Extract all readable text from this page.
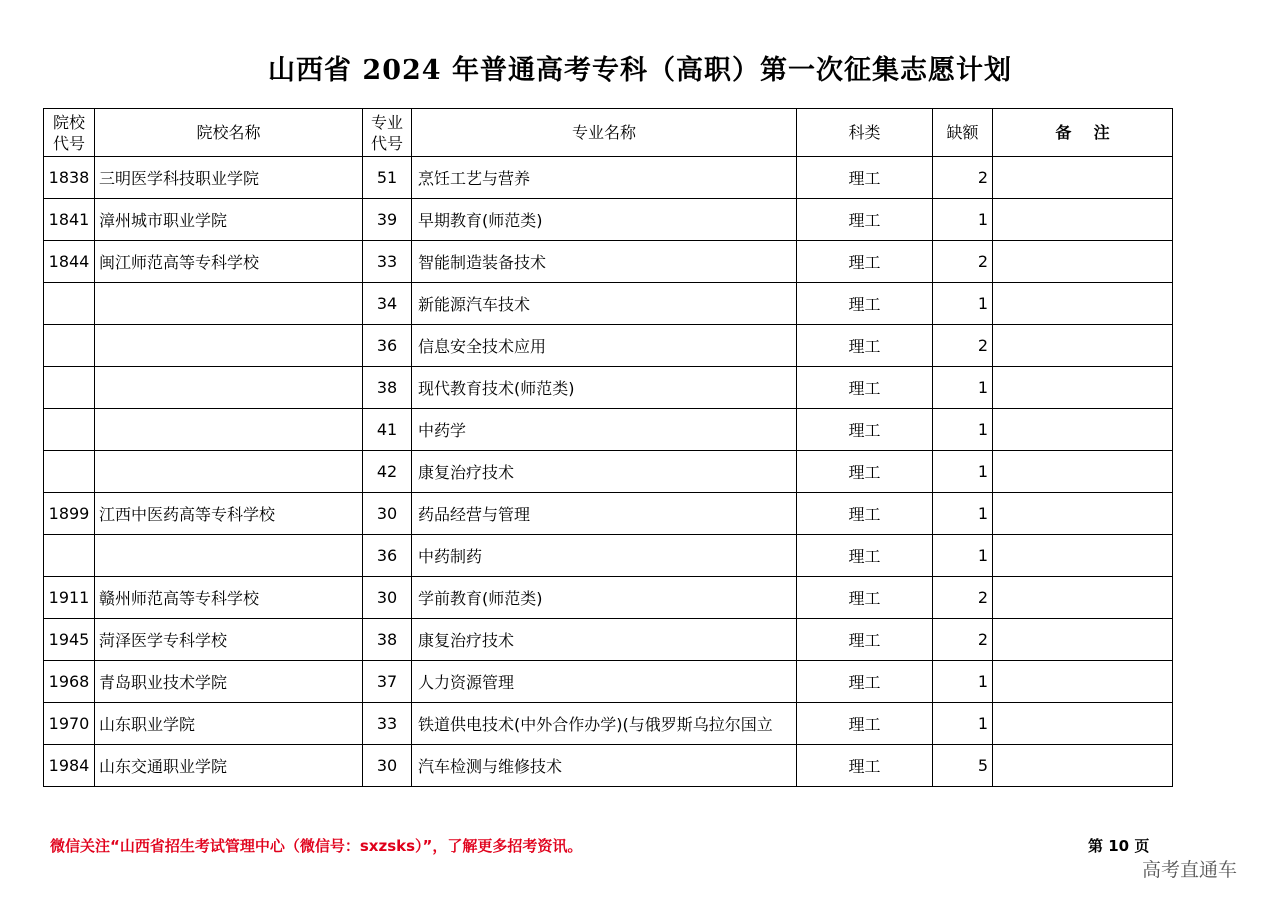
山西省 2024 年普通高考专科（高职）第一次征集志愿计划
院校代号	院校名称	专业代号	专业名称	科类	缺额	备    注
1838	三明医学科技职业学院	51	烹饪工艺与营养	理工	2	
1841	漳州城市职业学院	39	早期教育(师范类)	理工	1	
1844	闽江师范高等专科学校	33	智能制造装备技术	理工	2	
		34	新能源汽车技术	理工	1	
		36	信息安全技术应用	理工	2	
		38	现代教育技术(师范类)	理工	1	
		41	中药学	理工	1	
		42	康复治疗技术	理工	1	
1899	江西中医药高等专科学校	30	药品经营与管理	理工	1	
		36	中药制药	理工	1	
1911	赣州师范高等专科学校	30	学前教育(师范类)	理工	2	
1945	菏泽医学专科学校	38	康复治疗技术	理工	2	
1968	青岛职业技术学院	37	人力资源管理	理工	1	
1970	山东职业学院	33	铁道供电技术(中外合作办学)(与俄罗斯乌拉尔国立	理工	1	
1984	山东交通职业学院	30	汽车检测与维修技术	理工	5	
微信关注“山西省招生考试管理中心（微信号：sxzsks）”，了解更多招考资讯。	第 10 页
高考直通车
